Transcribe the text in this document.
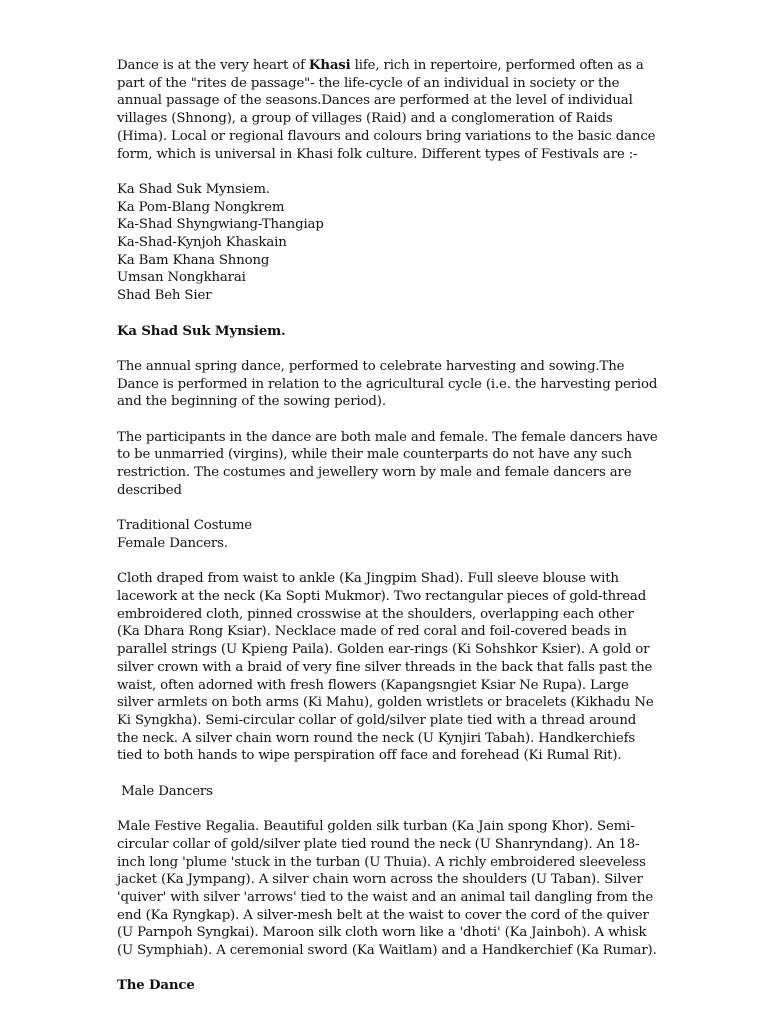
Dance is at the very heart of Khasi life, rich in repertoire, performed often as a part of the "rites de passage"- the life-cycle of an individual in society or the annual passage of the seasons.Dances are performed at the level of individual villages (Shnong), a group of villages (Raid) and a conglomeration of Raids (Hima). Local or regional flavours and colours bring variations to the basic dance form, which is universal in Khasi folk culture. Different types of Festivals are :-

Ka Shad Suk Mynsiem.
Ka Pom-Blang Nongkrem
Ka-Shad Shyngwiang-Thangiap
Ka-Shad-Kynjoh Khaskain
Ka Bam Khana Shnong
Umsan Nongkharai
Shad Beh Sier
Ka Shad Suk Mynsiem.

The annual spring dance, performed to celebrate harvesting and sowing.The Dance is performed in relation to the agricultural cycle (i.e. the harvesting period and the beginning of the sowing period).

The participants in the dance are both male and female. The female dancers have to be unmarried (virgins), while their male counterparts do not have any such restriction. The costumes and jewellery worn by male and female dancers are described

Traditional Costume

Female Dancers.

Cloth draped from waist to ankle (Ka Jingpim Shad). Full sleeve blouse with lacework at the neck (Ka Sopti Mukmor). Two rectangular pieces of gold-thread embroidered cloth, pinned crosswise at the shoulders, overlapping each other (Ka Dhara Rong Ksiar). Necklace made of red coral and foil-covered beads in parallel strings (U Kpieng Paila). Golden ear-rings (Ki Sohshkor Ksier). A gold or silver crown with a braid of very fine silver threads in the back that falls past the waist, often adorned with fresh flowers (Kapangsngiet Ksiar Ne Rupa). Large silver armlets on both arms (Ki Mahu), golden wristlets or bracelets (Kikhadu Ne Ki Syngkha). Semi-circular collar of gold/silver plate tied with a thread around the neck. A silver chain worn round the neck (U Kynjiri Tabah). Handkerchiefs tied to both hands to wipe perspiration off face and forehead (Ki Rumal Rit).

Male Dancers

Male Festive Regalia. Beautiful golden silk turban (Ka Jain spong Khor). Semi-circular collar of gold/silver plate tied round the neck (U Shanryndang). An 18-inch long 'plume 'stuck in the turban (U Thuia). A richly embroidered sleeveless jacket (Ka Jympang). A silver chain worn across the shoulders (U Taban). Silver 'quiver' with silver 'arrows' tied to the waist and an animal tail dangling from the end (Ka Ryngkap). A silver-mesh belt at the waist to cover the cord of the quiver (U Parnpoh Syngkai). Maroon silk cloth worn like a 'dhoti' (Ka Jainboh). A whisk (U Symphiah). A ceremonial sword (Ka Waitlam) and a Handkerchief (Ka Rumar).

The Dance
